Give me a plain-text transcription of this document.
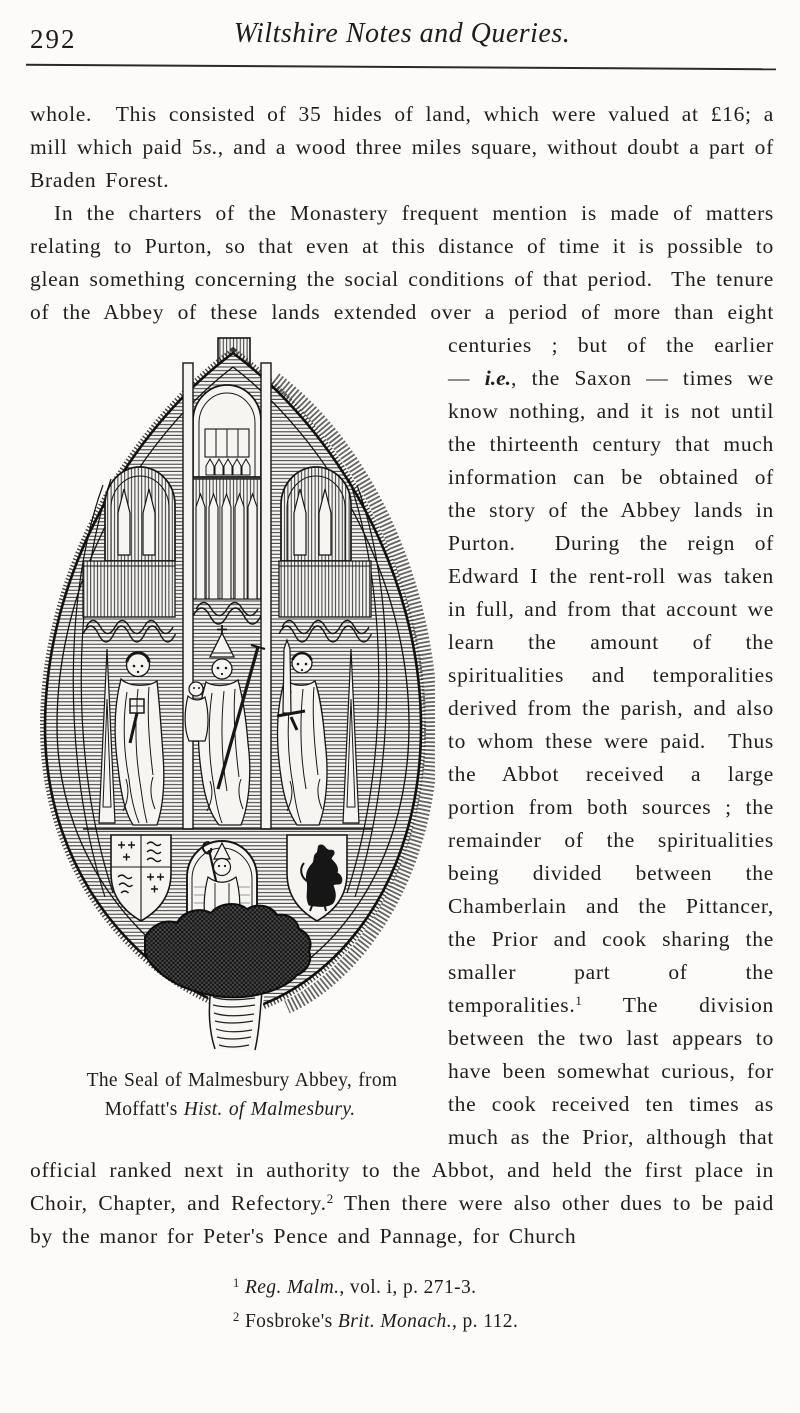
292	Wiltshire Notes and Queries.

whole.  This consisted of 35 hides of land, which were valued at £16; a mill which paid 5s., and a wood three miles square, without doubt a part of Braden Forest.

In the charters of the Monastery frequent mention is made of matters relating to Purton, so that even at this distance of time it is possible to glean something concerning the social conditions of that period.  The tenure of the Abbey of these lands extended over
The Seal of Malmesbury Abbey, from
Moffatt's Hist. of Malmesbury.
a period of more than eight centuries ; but of the earlier — i.e., the Saxon — times we know nothing, and it is not until the thirteenth century that much information can be obtained of the story of the Abbey lands in Purton.  During the reign of Edward I the rent-roll was taken in full, and from that account we learn the amount of the spiritualities and temporalities derived from the parish, and also to whom these were paid.  Thus the Abbot received a large portion from both sources ; the remainder of the spiritualities being divided between the Chamberlain and the Pittancer, the Prior and cook sharing the smaller part of the temporalities.$^1$ The division between the two last appears to have been somewhat curious, for the cook received ten times as much as the Prior, although that official ranked next in authority to the Abbot, and held the first place in Choir, Chapter, and Refectory.$^2$ Then there were also other dues to be paid by the manor for Peter's Pence and Pannage, for Church

$^1$ Reg. Malm., vol. i, p. 271-3.

$^2$ Fosbroke's Brit. Monach., p. 112.
